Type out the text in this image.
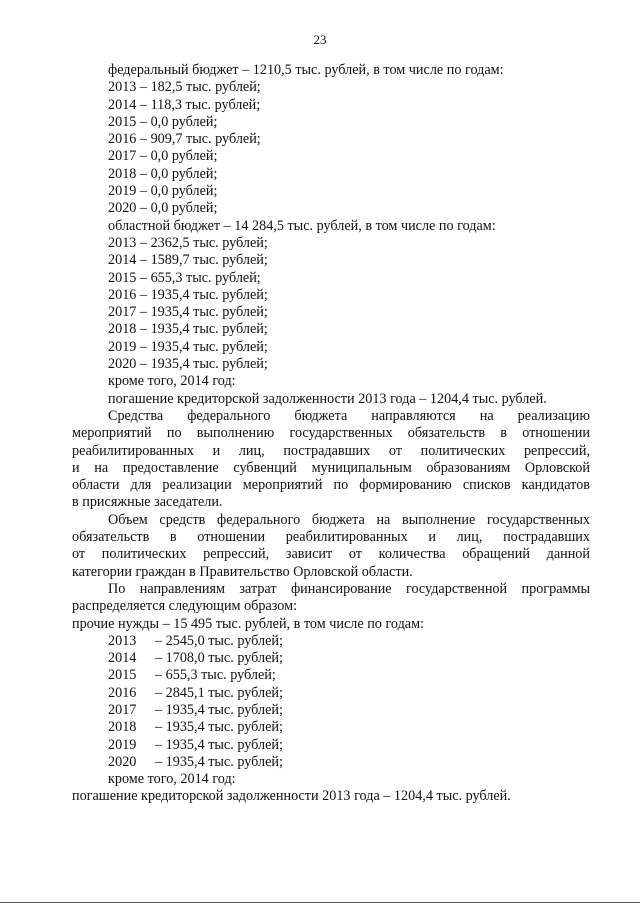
23
федеральный бюджет – 1210,5 тыс. рублей, в том числе по годам:
2013 – 182,5 тыс. рублей;
2014 – 118,3 тыс. рублей;
2015 – 0,0 рублей;
2016 – 909,7 тыс. рублей;
2017 – 0,0 рублей;
2018 – 0,0 рублей;
2019 – 0,0 рублей;
2020 – 0,0 рублей;
областной бюджет – 14 284,5 тыс. рублей, в том числе по годам:
2013 – 2362,5 тыс. рублей;
2014 – 1589,7 тыс. рублей;
2015 – 655,3 тыс. рублей;
2016 – 1935,4 тыс. рублей;
2017 – 1935,4 тыс. рублей;
2018 – 1935,4 тыс. рублей;
2019 – 1935,4 тыс. рублей;
2020 – 1935,4 тыс. рублей;
кроме того, 2014 год:
погашение кредиторской задолженности 2013 года – 1204,4 тыс. рублей.
Средства федерального бюджета направляются на реализацию
мероприятий по выполнению государственных обязательств в отношении
реабилитированных и лиц, пострадавших от политических репрессий,
и на предоставление субвенций муниципальным образованиям Орловской
области для реализации мероприятий по формированию списков кандидатов
в присяжные заседатели.
Объем средств федерального бюджета на выполнение государственных
обязательств в отношении реабилитированных и лиц, пострадавших
от политических репрессий, зависит от количества обращений данной
категории граждан в Правительство Орловской области.
По направлениям затрат финансирование государственной программы
распределяется следующим образом:
прочие нужды – 15 495 тыс. рублей, в том числе по годам:
2013 – 2545,0 тыс. рублей;
2014 – 1708,0 тыс. рублей;
2015 – 655,3 тыс. рублей;
2016 – 2845,1 тыс. рублей;
2017 – 1935,4 тыс. рублей;
2018 – 1935,4 тыс. рублей;
2019 – 1935,4 тыс. рублей;
2020 – 1935,4 тыс. рублей;
кроме того, 2014 год:
погашение кредиторской задолженности 2013 года – 1204,4 тыс. рублей.
